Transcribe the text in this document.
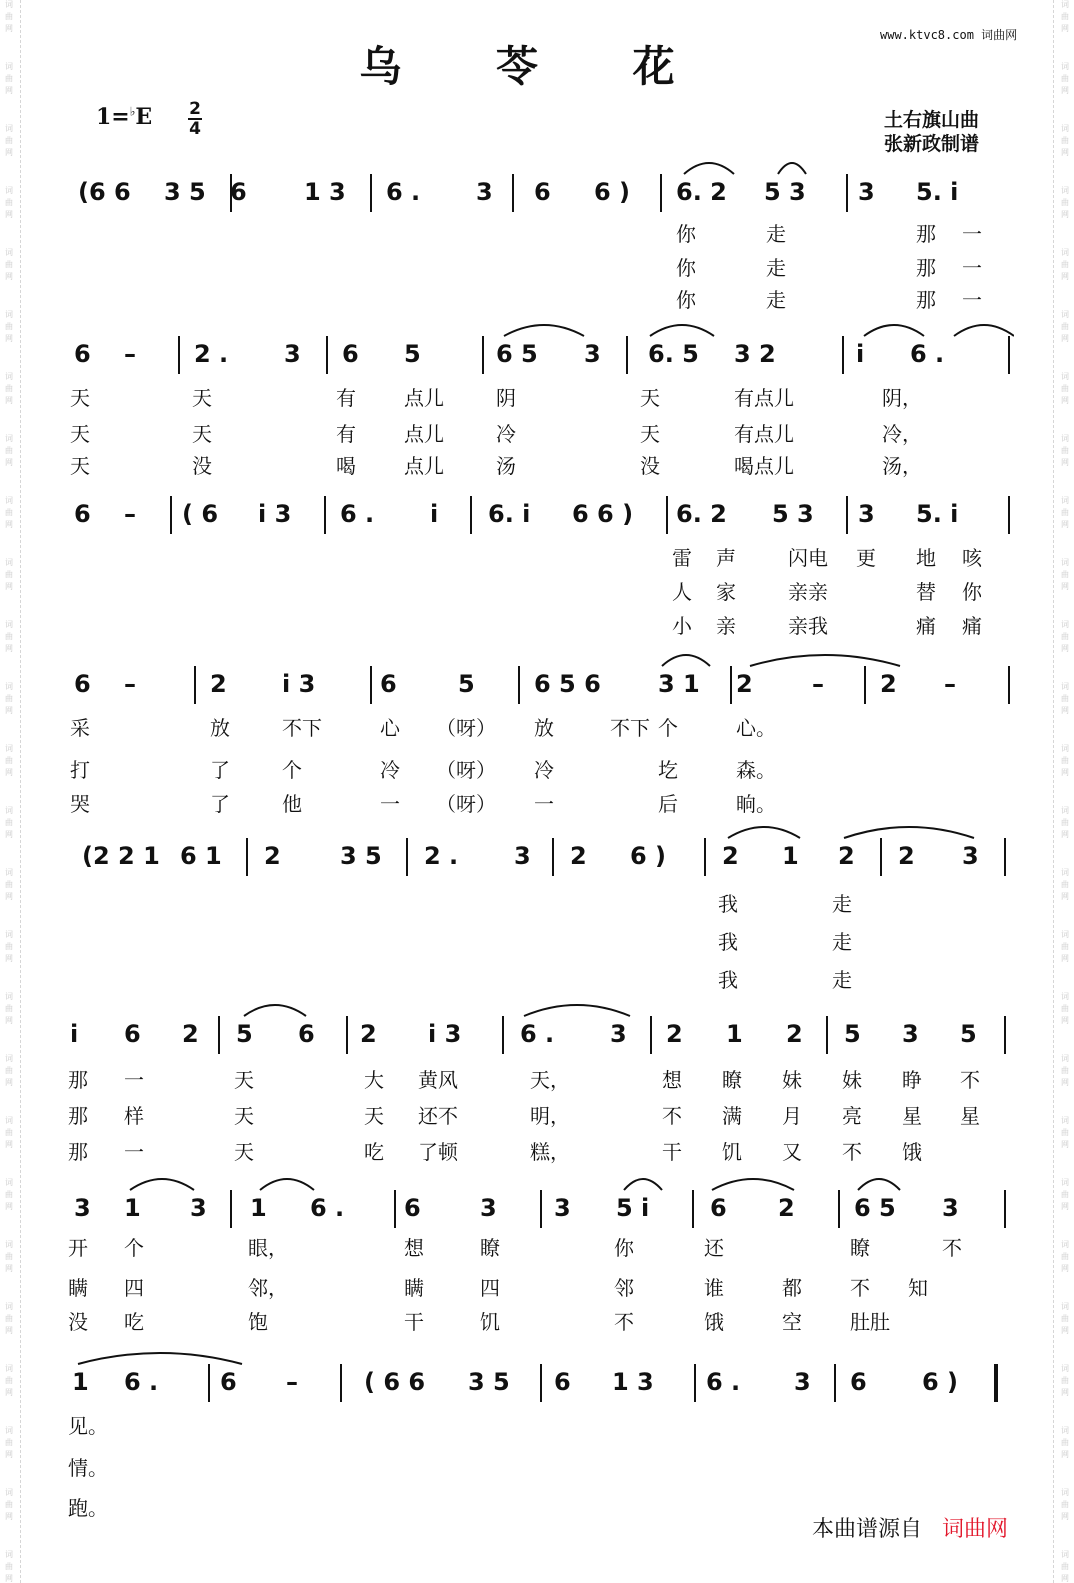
词
曲
网
词
曲
网
词
曲
网
词
曲
网
词
曲
网
词
曲
网
词
曲
网
词
曲
网
词
曲
网
词
曲
网
词
曲
网
词
曲
网
词
曲
网
词
曲
网
词
曲
网
词
曲
网
词
曲
网
词
曲
网
词
曲
网
词
曲
网
词
曲
网
词
曲
网
词
曲
网
词
曲
网
词
曲
网
词
曲
网
词
曲
网
词
曲
网
词
曲
网
词
曲
网
词
曲
网
词
曲
网
词
曲
网
词
曲
网
词
曲
网
词
曲
网
词
曲
网
词
曲
网
词
曲
网
词
曲
网
词
曲
网
词
曲
网
词
曲
网
词
曲
网
词
曲
网
词
曲
网
词
曲
网
词
曲
网
词
曲
网
词
曲
网
词
曲
网
词
曲
网
www.ktvc8.com 词曲网
乌 苓 花
1=♭E 2
4	土右旗山曲
张新政制谱
(6 6 3 5 6 1 3 6 . 3 6 6 ) 6. 2 5 3 3 5. i
你	走	那 一
你	走	那 一
你	走	那 一
6 – 2 . 3 6 5	6 5 3 6. 5 3 2	i 6 .
天	天	有 点儿	阴	天	有点儿	阴，
天	天	有 点儿	冷	天	有点儿	冷，
天	没	喝 点儿	汤	没	喝点儿	汤，
6 – ( 6 i 3 6 . i 6. i 6 6 ) 6. 2 5 3 3 5. i
雷 声	闪电 更 地 咳
人 家	亲亲	替 你
小 亲	亲我	痛 痛
6 –	2 i 3	6	5 6 5 6 3 1 2 – 2 –
采	放	不下	心 （呀） 放	不下 个	心。
打	了	个	冷 （呀） 冷	圪	森。
哭	了	他	一 （呀） 一	后	晌。
(2 2 1 6 1 2 3 5 2 . 3 2 6 ) 2 1 2 2 3
我	走
我	走
我	走
i 6 2 5 6 2 i 3 6 . 3 2 1 2 5 3 5
那 一	天	大 黄风	天，	想 瞭 妹 妹 睁 不
那 样	天	天 还不	明，	不 满 月 亮 星 星
那 一	天	吃 了顿	糕，	干 饥 又 不 饿
3 1 3 1 6 . 6 3 3 5 i	6 2 6 5 3
开 个	眼，	想	瞭	你	还	瞭	不
瞒 四	邻，	瞒	四	邻	谁	都 不 知
没 吃	饱	干	饥	不	饿	空 肚肚
1 6 .	6 –	( 6 6 3 5 6 1 3 6 . 3 6 6 )
见。
情。
跑。
本曲谱源自 词曲网
